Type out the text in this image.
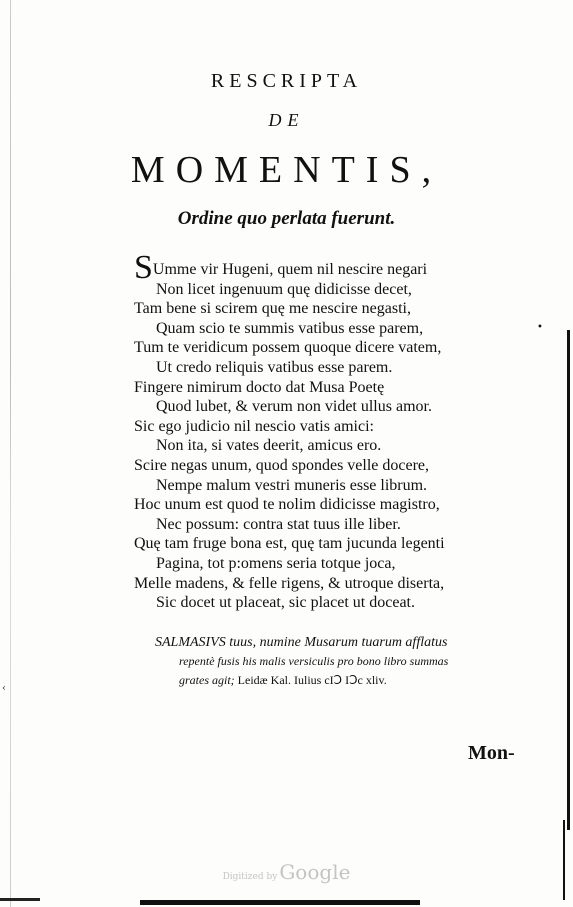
‹
•
RESCRIPTA
DE
MOMENTIS,
Ordine quo perlata fuerunt.
SUmme vir Hugeni, quem nil nescire negari
Non licet ingenuum quę didicisse decet,
Tam bene si scirem quę me nescire negasti,
Quam scio te summis vatibus esse parem,
Tum te veridicum possem quoque dicere vatem,
Ut credo reliquis vatibus esse parem.
Fingere nimirum docto dat Musa Poetę
Quod lubet, & verum non videt ullus amor.
Sic ego judicio nil nescio vatis amici:
Non ita, si vates deerit, amicus ero.
Scire negas unum, quod spondes velle docere,
Nempe malum vestri muneris esse librum.
Hoc unum est quod te nolim didicisse magistro,
Nec possum: contra stat tuus ille liber.
Quę tam fruge bona est, quę tam jucunda legenti
Pagina, tot p:omens seria totque joca,
Melle madens, & felle rigens, & utroque diserta,
Sic docet ut placeat, sic placet ut doceat.
SALMASIVS tuus, numine Musarum tuarum afflatus
repentè fusis his malis versiculis pro bono libro summas
grates agit; Leidæ Kal. Iulius cIↃ IↃc xliv.
Mon-
Digitized by Google
